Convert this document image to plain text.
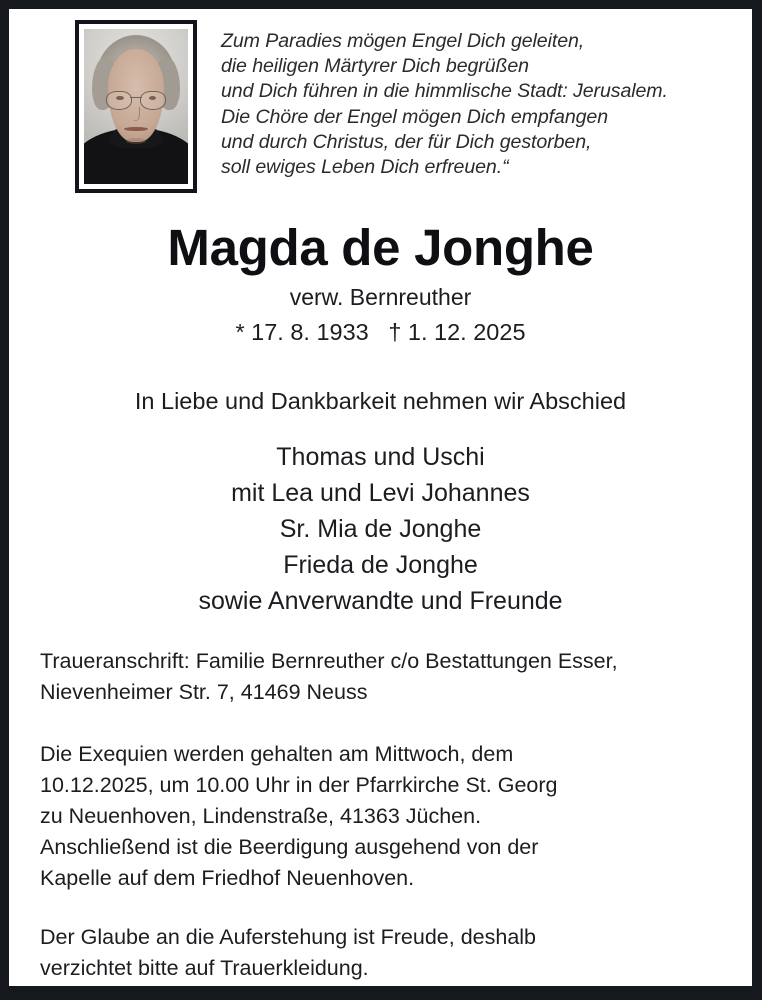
Zum Paradies mögen Engel Dich geleiten,
die heiligen Märtyrer Dich begrüßen
und Dich führen in die himmlische Stadt: Jerusalem.
Die Chöre der Engel mögen Dich empfangen
und durch Christus, der für Dich gestorben,
soll ewiges Leben Dich erfreuen.“
Magda de Jonghe
verw. Bernreuther
* 17. 8. 1933   † 1. 12. 2025
In Liebe und Dankbarkeit nehmen wir Abschied
Thomas und Uschi
mit Lea und Levi Johannes
Sr. Mia de Jonghe
Frieda de Jonghe
sowie Anverwandte und Freunde
Traueranschrift: Familie Bernreuther c/o Bestattungen Esser,
Nievenheimer Str. 7, 41469 Neuss
Die Exequien werden gehalten am Mittwoch, dem
10.12.2025, um 10.00 Uhr in der Pfarrkirche St. Georg
zu Neuenhoven, Lindenstraße, 41363 Jüchen.
Anschließend ist die Beerdigung ausgehend von der
Kapelle auf dem Friedhof Neuenhoven.
Der Glaube an die Auferstehung ist Freude, deshalb
verzichtet bitte auf Trauerkleidung.
